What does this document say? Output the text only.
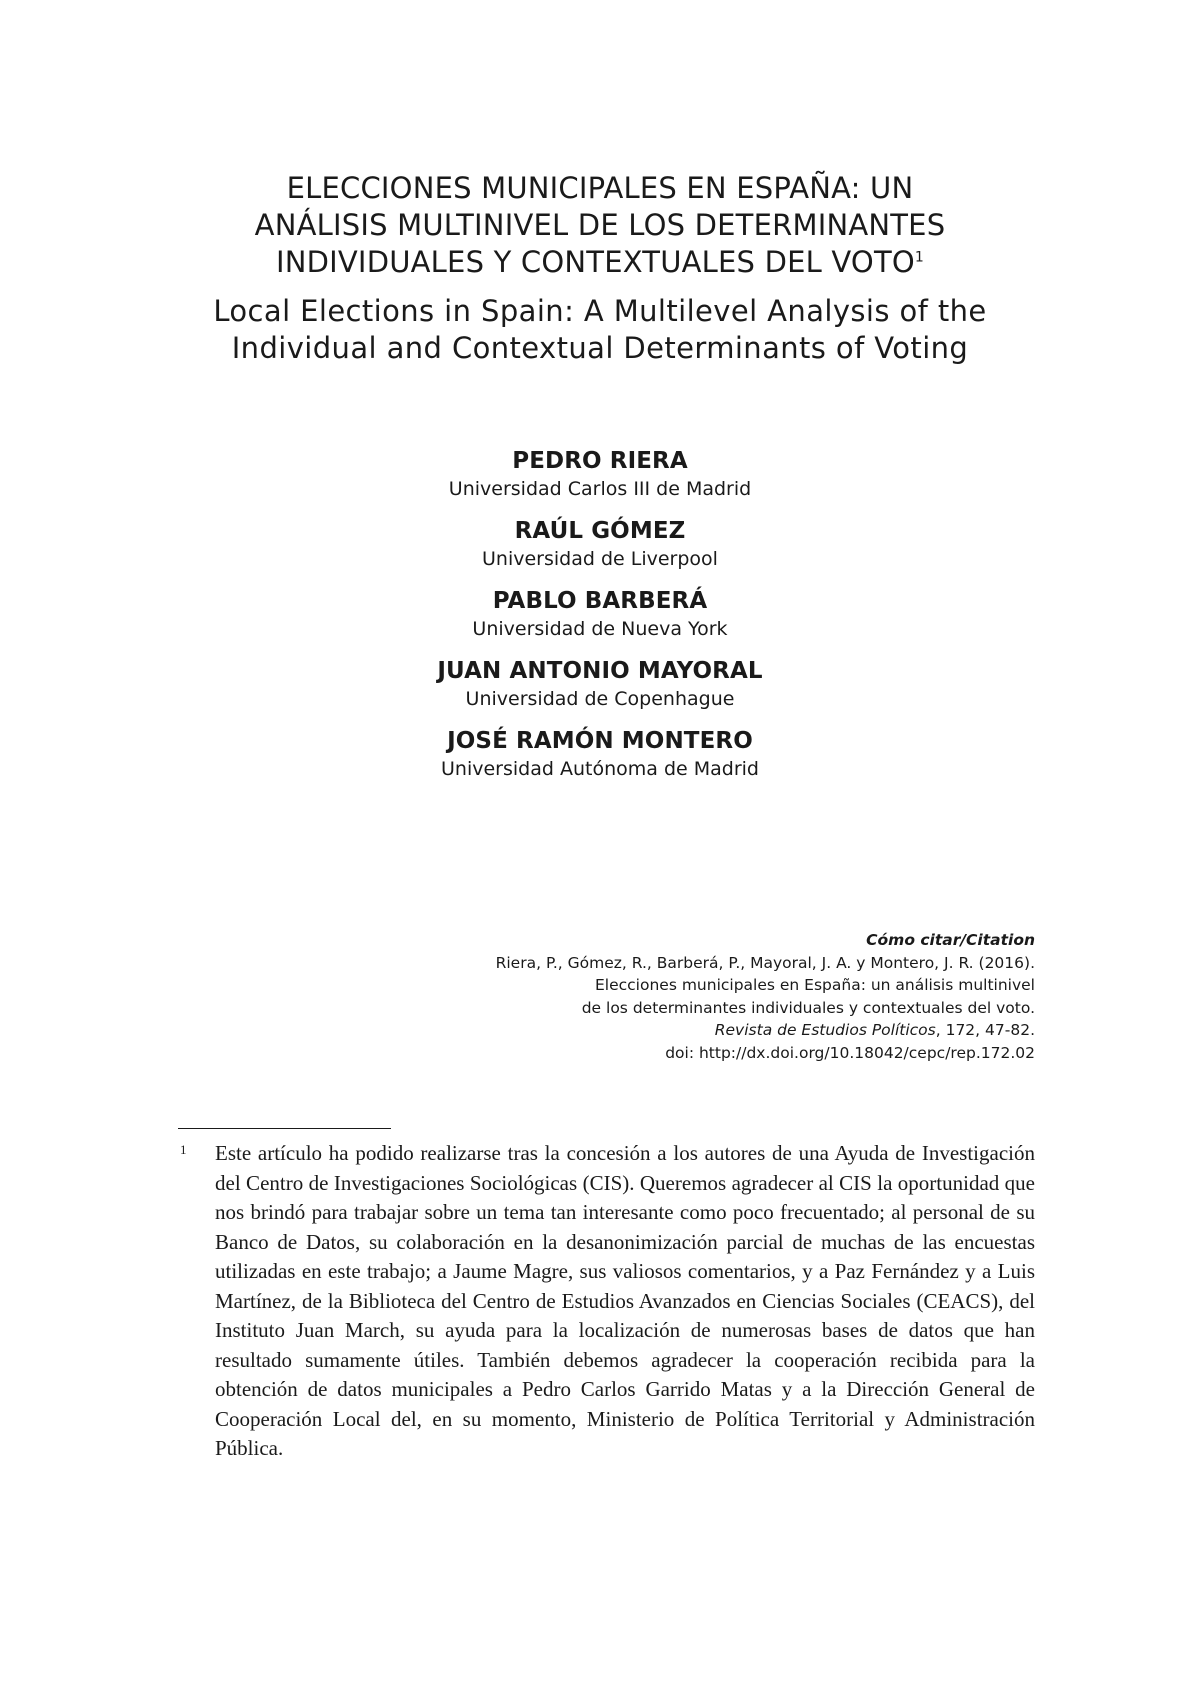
ELECCIONES MUNICIPALES EN ESPAÑA: UN
ANÁLISIS MULTINIVEL DE LOS DETERMINANTES
INDIVIDUALES Y CONTEXTUALES DEL VOTO$^1$
Local Elections in Spain: A Multilevel Analysis of the
Individual and Contextual Determinants of Voting
PEDRO RIERA
Universidad Carlos III de Madrid
RAÚL GÓMEZ
Universidad de Liverpool
PABLO BARBERÁ
Universidad de Nueva York
JUAN ANTONIO MAYORAL
Universidad de Copenhague
JOSÉ RAMÓN MONTERO
Universidad Autónoma de Madrid
Cómo citar/Citation
Riera, P., Gómez, R., Barberá, P., Mayoral, J. A. y Montero, J. R. (2016).
Elecciones municipales en España: un análisis multinivel
de los determinantes individuales y contextuales del voto.
Revista de Estudios Políticos, 172, 47-82.
doi: http://dx.doi.org/10.18042/cepc/rep.172.02
1 Este artículo ha podido realizarse tras la concesión a los autores de una Ayuda de Investigación del Centro de Investigaciones Sociológicas (CIS). Queremos agradecer al CIS la oportunidad que nos brindó para trabajar sobre un tema tan interesante como poco frecuentado; al personal de su Banco de Datos, su colaboración en la desanonimización parcial de muchas de las encuestas utilizadas en este trabajo; a Jaume Magre, sus valiosos comentarios, y a Paz Fernández y a Luis Martínez, de la Biblioteca del Centro de Estudios Avanzados en Ciencias Sociales (CEACS), del Instituto Juan March, su ayuda para la localización de numerosas bases de datos que han resultado sumamente útiles. También debemos agradecer la cooperación recibida para la obtención de datos municipales a Pedro Carlos Garrido Matas y a la Dirección General de Cooperación Local del, en su momento, Ministerio de Política Territorial y Administración Pública.
